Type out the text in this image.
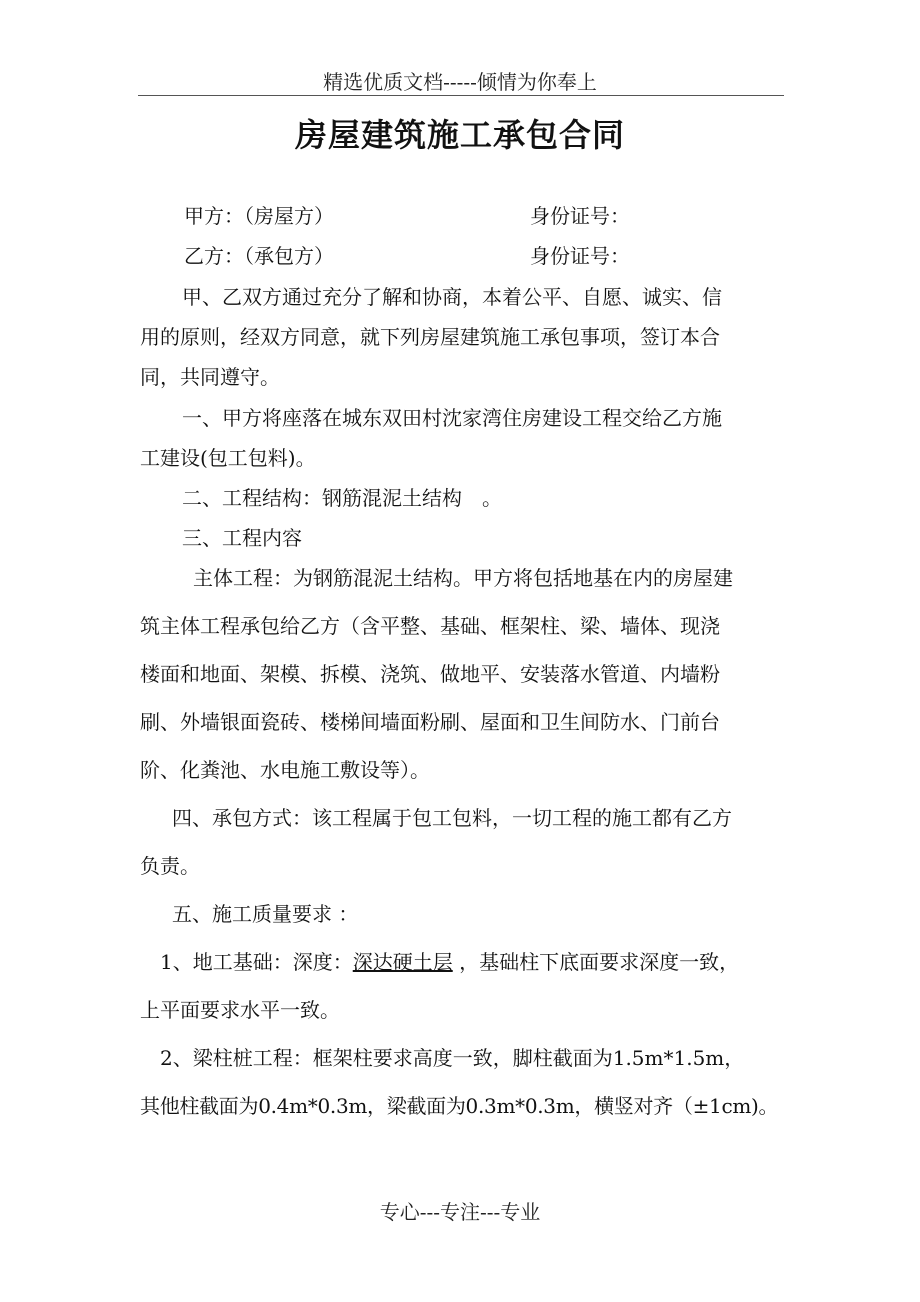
精选优质文档-----倾情为你奉上
房屋建筑施工承包合同
甲方：（房屋方）	身份证号：
乙方：（承包方）	身份证号：
甲、乙双方通过充分了解和协商，本着公平、自愿、诚实、信
用的原则，经双方同意，就下列房屋建筑施工承包事项，签订本合
同，共同遵守。
一、甲方将座落在城东双田村沈家湾住房建设工程交给乙方施
工建设(包工包料)。
二、工程结构：钢筋混泥土结构　。
三、工程内容
主体工程：为钢筋混泥土结构。甲方将包括地基在内的房屋建
筑主体工程承包给乙方（含平整、基础、框架柱、梁、墙体、现浇
楼面和地面、架模、拆模、浇筑、做地平、安装落水管道、内墙粉
刷、外墙银面瓷砖、楼梯间墙面粉刷、屋面和卫生间防水、门前台
阶、化粪池、水电施工敷设等）。
四、承包方式：该工程属于包工包料，一切工程的施工都有乙方
负责。
五、施工质量要求 ：
1、地工基础：深度：深达硬土层 ，基础柱下底面要求深度一致，
上平面要求水平一致。
2、梁柱桩工程：框架柱要求高度一致，脚柱截面为1.5m*1.5m，
其他柱截面为0.4m*0.3m，梁截面为0.3m*0.3m，横竖对齐（±1cm)。
专心---专注---专业
